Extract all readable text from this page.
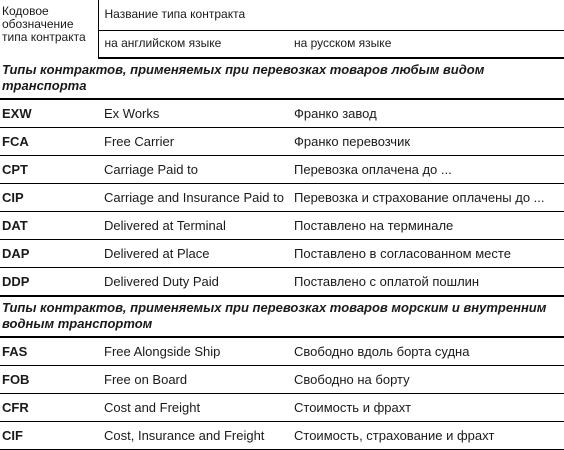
Кодовое обозначение типа контракта	Название типа контракта	
	на английском языке	на русском языке
Типы контрактов, применяемых при перевозках товаров любым видом транспорта		
EXW	Ex Works	Франко завод
FCA	Free Carrier	Франко перевозчик
CPT	Carriage Paid to	Перевозка оплачена до ...
CIP	Carriage and Insurance Paid to	Перевозка и страхование оплачены до ...
DAT	Delivered at Terminal	Поставлено на терминале
DAP	Delivered at Place	Поставлено в согласованном месте
DDP	Delivered Duty Paid	Поставлено с оплатой пошлин
Типы контрактов, применяемых при перевозках товаров морским и внутренним водным транспортом		
FAS	Free Alongside Ship	Свободно вдоль борта судна
FOB	Free on Board	Свободно на борту
CFR	Cost and Freight	Стоимость и фрахт
CIF	Cost, Insurance and Freight	Стоимость, страхование и фрахт
